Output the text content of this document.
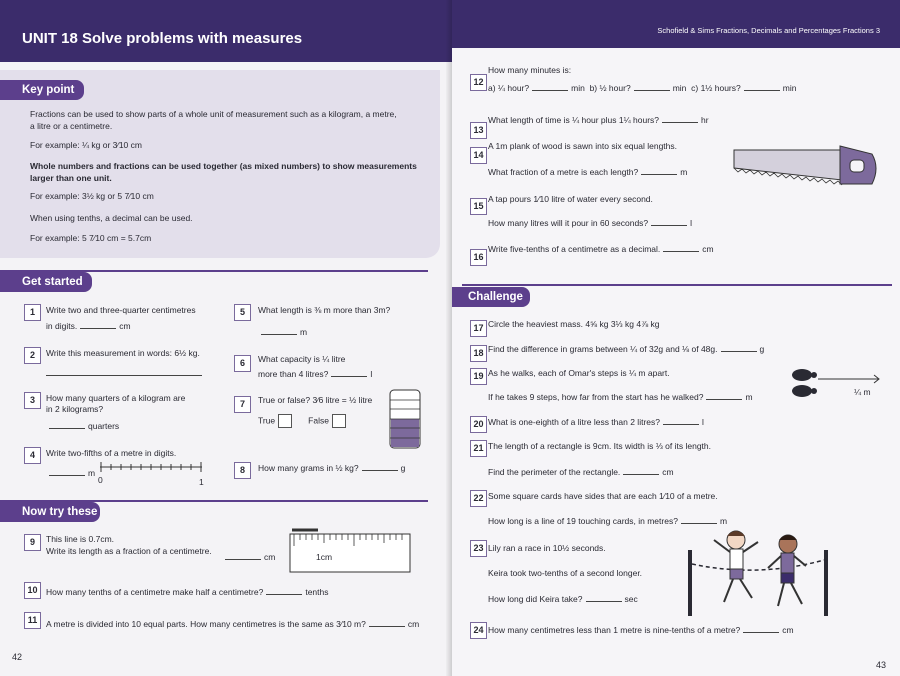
UNIT 18 Solve problems with measures
Key point
Fractions can be used to show parts of a whole unit of measurement such as a kilogram, a metre,
a litre or a centimetre.
For example: ¼ kg or 3⁄10 cm
Whole numbers and fractions can be used together (as mixed numbers) to show measurements
larger than one unit.
For example: 3½ kg or 5 7⁄10 cm
When using tenths, a decimal can be used.
For example: 5 7⁄10 cm = 5.7cm
Get started
1	Write two and three-quarter centimetres
in digits.	cm
2	Write this measurement in words: 6½ kg.
3	How many quarters of a kilogram are
in 2 kilograms?
quarters
4	Write two-fifths of a metre in digits.
m
0	1
5	What length is ⅜ m more than 3m?
m
6	What capacity is ¼ litre
more than 4 litres?	l
7	True or false? 3⁄6 litre = ½ litre
True	False
8	How many grams in ½ kg?	g
Now try these
9	This line is 0.7cm.
Write its length as a fraction of a centimetre.
cm	1cm
10	How many tenths of a centimetre make half a centimetre?	tenths
11	A metre is divided into 10 equal parts. How many centimetres is the same as 3⁄10 m?	cm
42
Schofield & Sims Fractions, Decimals and Percentages Fractions 3
12
How many minutes is:
a) ¼ hour?	min b) ½ hour?	min c) 1½ hours?	min
13
What length of time is ¼ hour plus 1¼ hours?	hr
14
A 1m plank of wood is sawn into six equal lengths.
What fraction of a metre is each length?	m
15
A tap pours 1⁄10 litre of water every second.
How many litres will it pour in 60 seconds?	l
16
Write five-tenths of a centimetre as a decimal.	cm
Challenge
17 Circle the heaviest mass. 4⅝ kg 3⅓ kg 4⅞ kg
18 Find the difference in grams between ¼ of 32g and ⅛ of 48g.	g
19 As he walks, each of Omar's steps is ¼ m apart.
If he takes 9 steps, how far from the start has he walked?	m	¼ m
20 What is one-eighth of a litre less than 2 litres?	l
21 The length of a rectangle is 9cm. Its width is ⅓ of its length.
Find the perimeter of the rectangle.	cm
22 Some square cards have sides that are each 1⁄10 of a metre.
How long is a line of 19 touching cards, in metres?	m
23 Lily ran a race in 10½ seconds.
Keira took two-tenths of a second longer.
How long did Keira take?	sec
24 How many centimetres less than 1 metre is nine-tenths of a metre?	cm
43
